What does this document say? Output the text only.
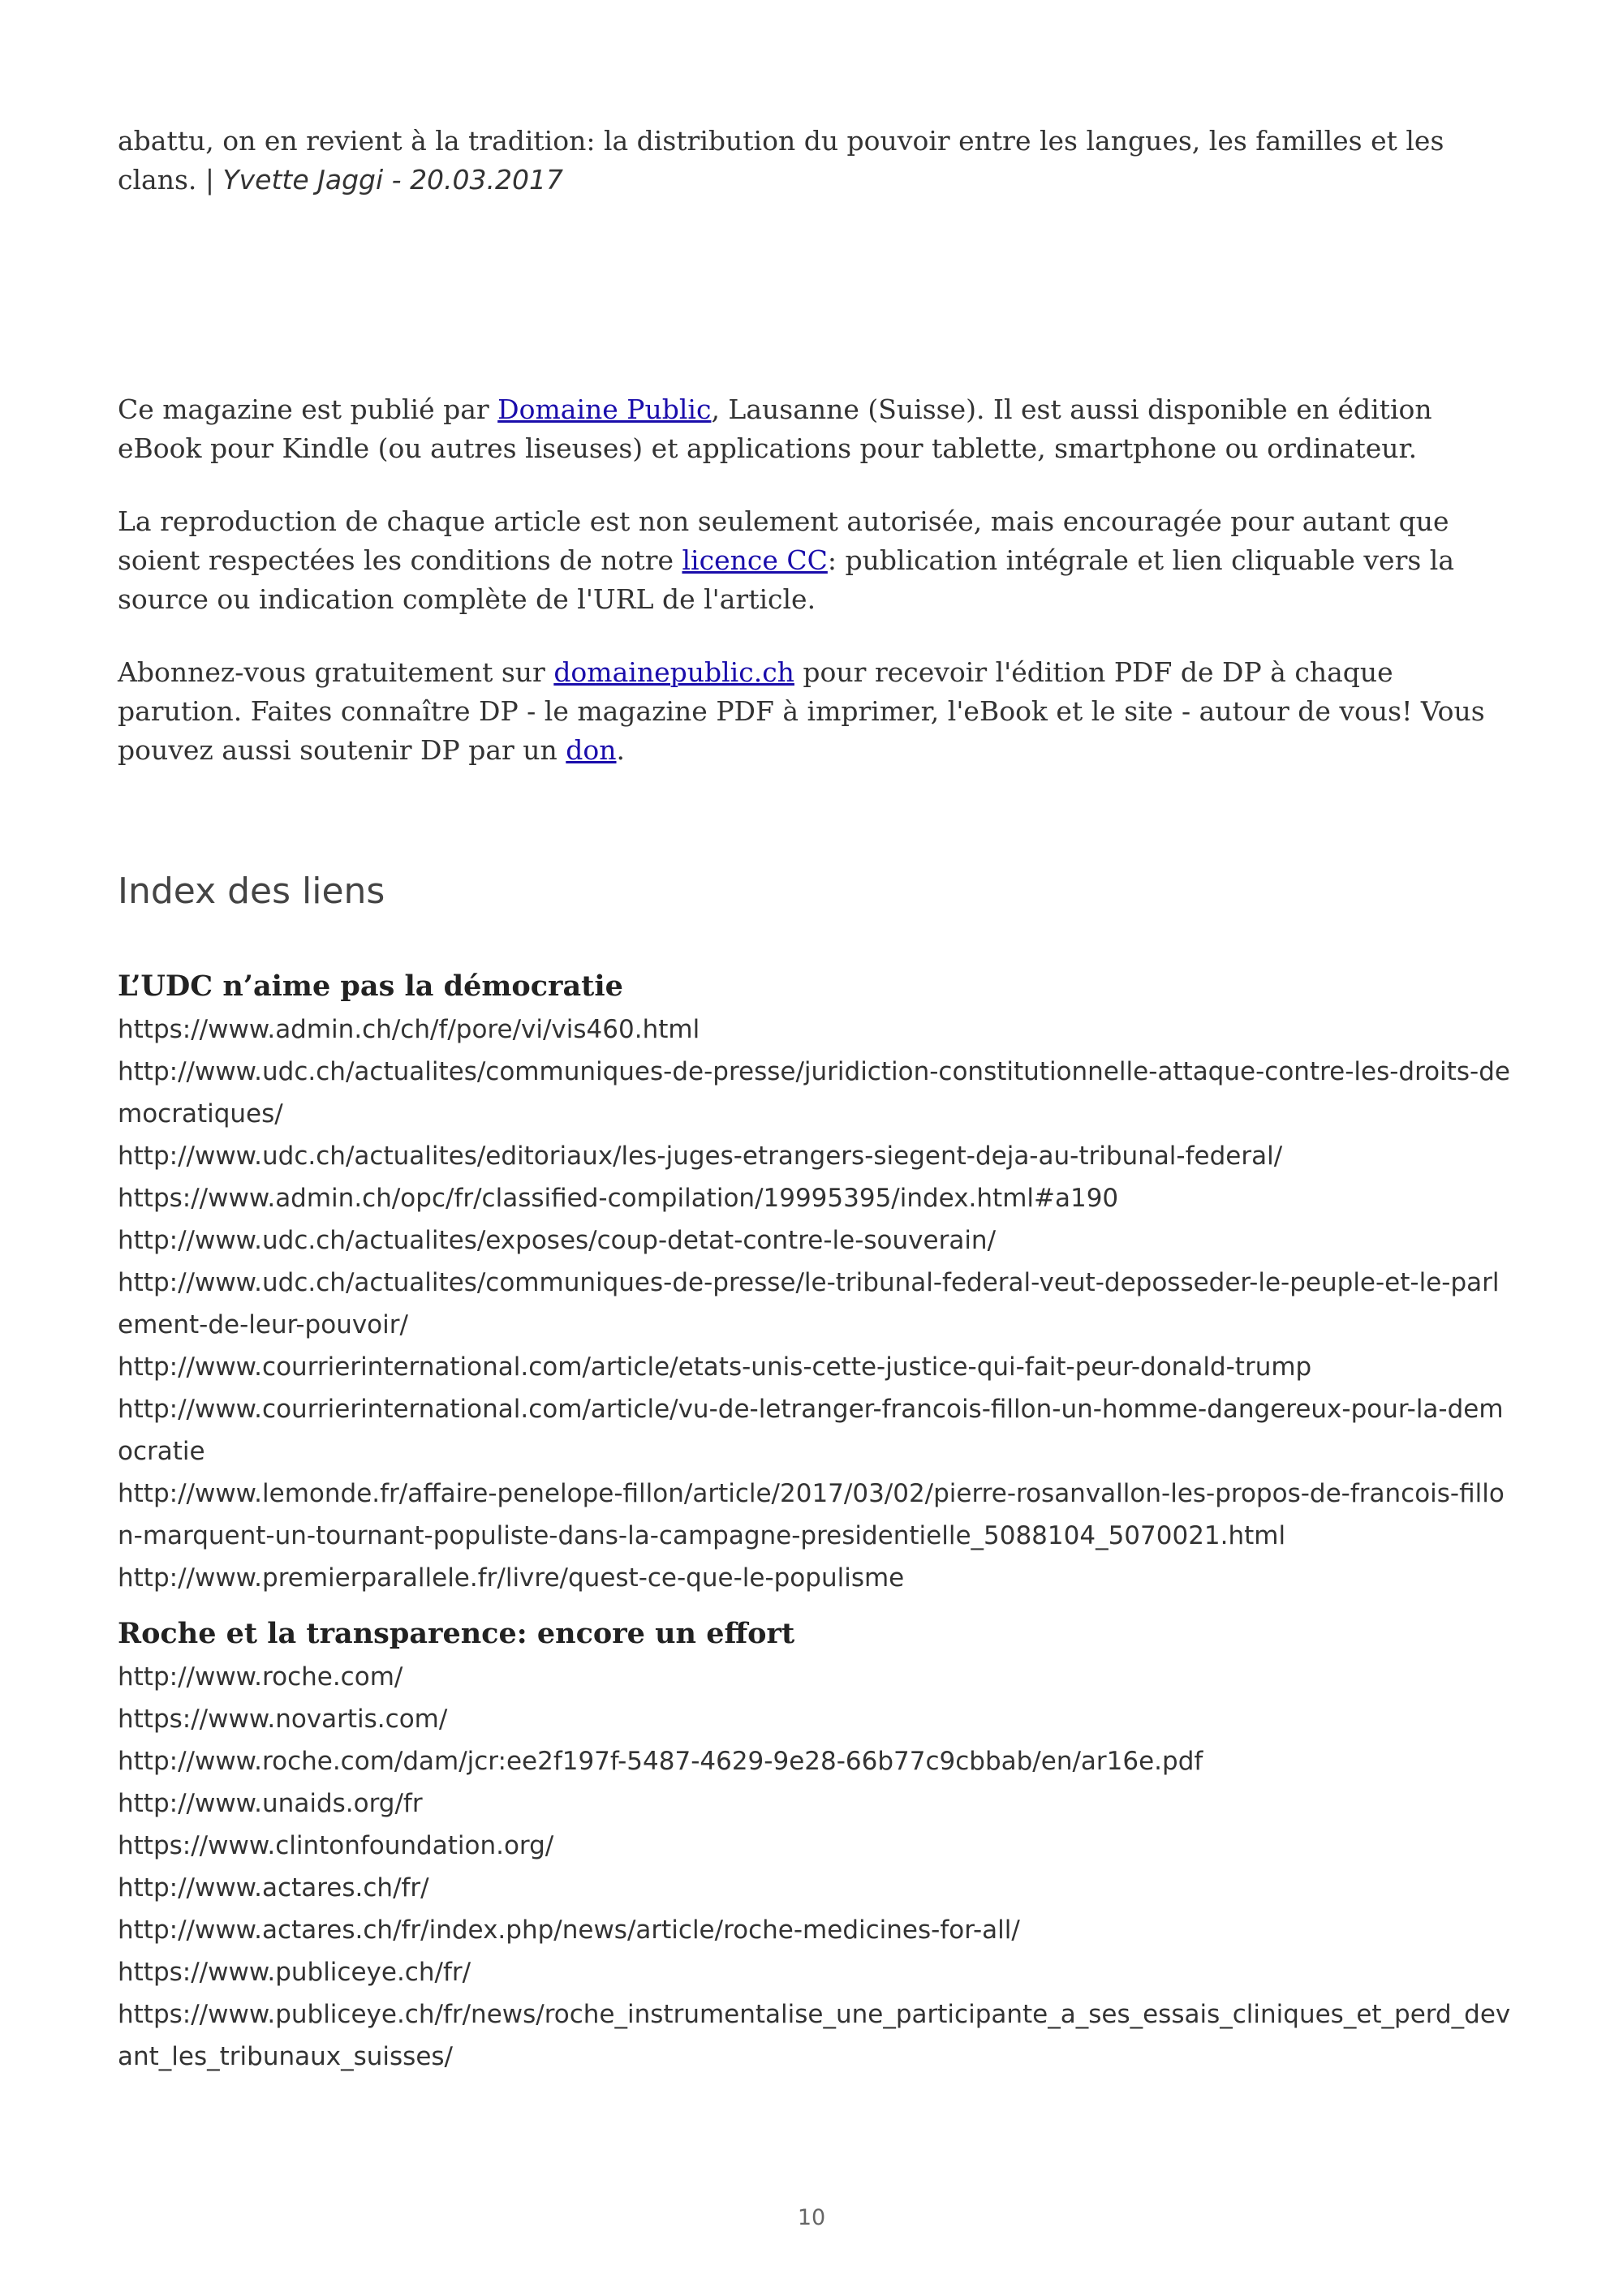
abattu, on en revient à la tradition: la distribution du pouvoir entre les langues, les familles et les clans. | Yvette Jaggi - 20.03.2017

Ce magazine est publié par Domaine Public, Lausanne (Suisse). Il est aussi disponible en édition eBook pour Kindle (ou autres liseuses) et applications pour tablette, smartphone ou ordinateur.

La reproduction de chaque article est non seulement autorisée, mais encouragée pour autant que soient respectées les conditions de notre licence CC: publication intégrale et lien cliquable vers la source ou indication complète de l'URL de l'article.

Abonnez-vous gratuitement sur domainepublic.ch pour recevoir l'édition PDF de DP à chaque parution. Faites connaître DP - le magazine PDF à imprimer, l'eBook et le site - autour de vous! Vous pouvez aussi soutenir DP par un don.

Index des liens
L’UDC n’aime pas la démocratie
https://www.admin.ch/ch/f/pore/vi/vis460.html
http://www.udc.ch/actualites/communiques-de-presse/juridiction-constitutionnelle-attaque-contre-les-droits-democratiques/
http://www.udc.ch/actualites/editoriaux/les-juges-etrangers-siegent-deja-au-tribunal-federal/
https://www.admin.ch/opc/fr/classified-compilation/19995395/index.html#a190
http://www.udc.ch/actualites/exposes/coup-detat-contre-le-souverain/
http://www.udc.ch/actualites/communiques-de-presse/le-tribunal-federal-veut-deposseder-le-peuple-et-le-parlement-de-leur-pouvoir/
http://www.courrierinternational.com/article/etats-unis-cette-justice-qui-fait-peur-donald-trump
http://www.courrierinternational.com/article/vu-de-letranger-francois-fillon-un-homme-dangereux-pour-la-democratie
http://www.lemonde.fr/affaire-penelope-fillon/article/2017/03/02/pierre-rosanvallon-les-propos-de-francois-fillon-marquent-un-tournant-populiste-dans-la-campagne-presidentielle_5088104_5070021.html
http://www.premierparallele.fr/livre/quest-ce-que-le-populisme
Roche et la transparence: encore un effort
http://www.roche.com/
https://www.novartis.com/
http://www.roche.com/dam/jcr:ee2f197f-5487-4629-9e28-66b77c9cbbab/en/ar16e.pdf
http://www.unaids.org/fr
https://www.clintonfoundation.org/
http://www.actares.ch/fr/
http://www.actares.ch/fr/index.php/news/article/roche-medicines-for-all/
https://www.publiceye.ch/fr/
https://www.publiceye.ch/fr/news/roche_instrumentalise_une_participante_a_ses_essais_cliniques_et_perd_devant_les_tribunaux_suisses/
10
